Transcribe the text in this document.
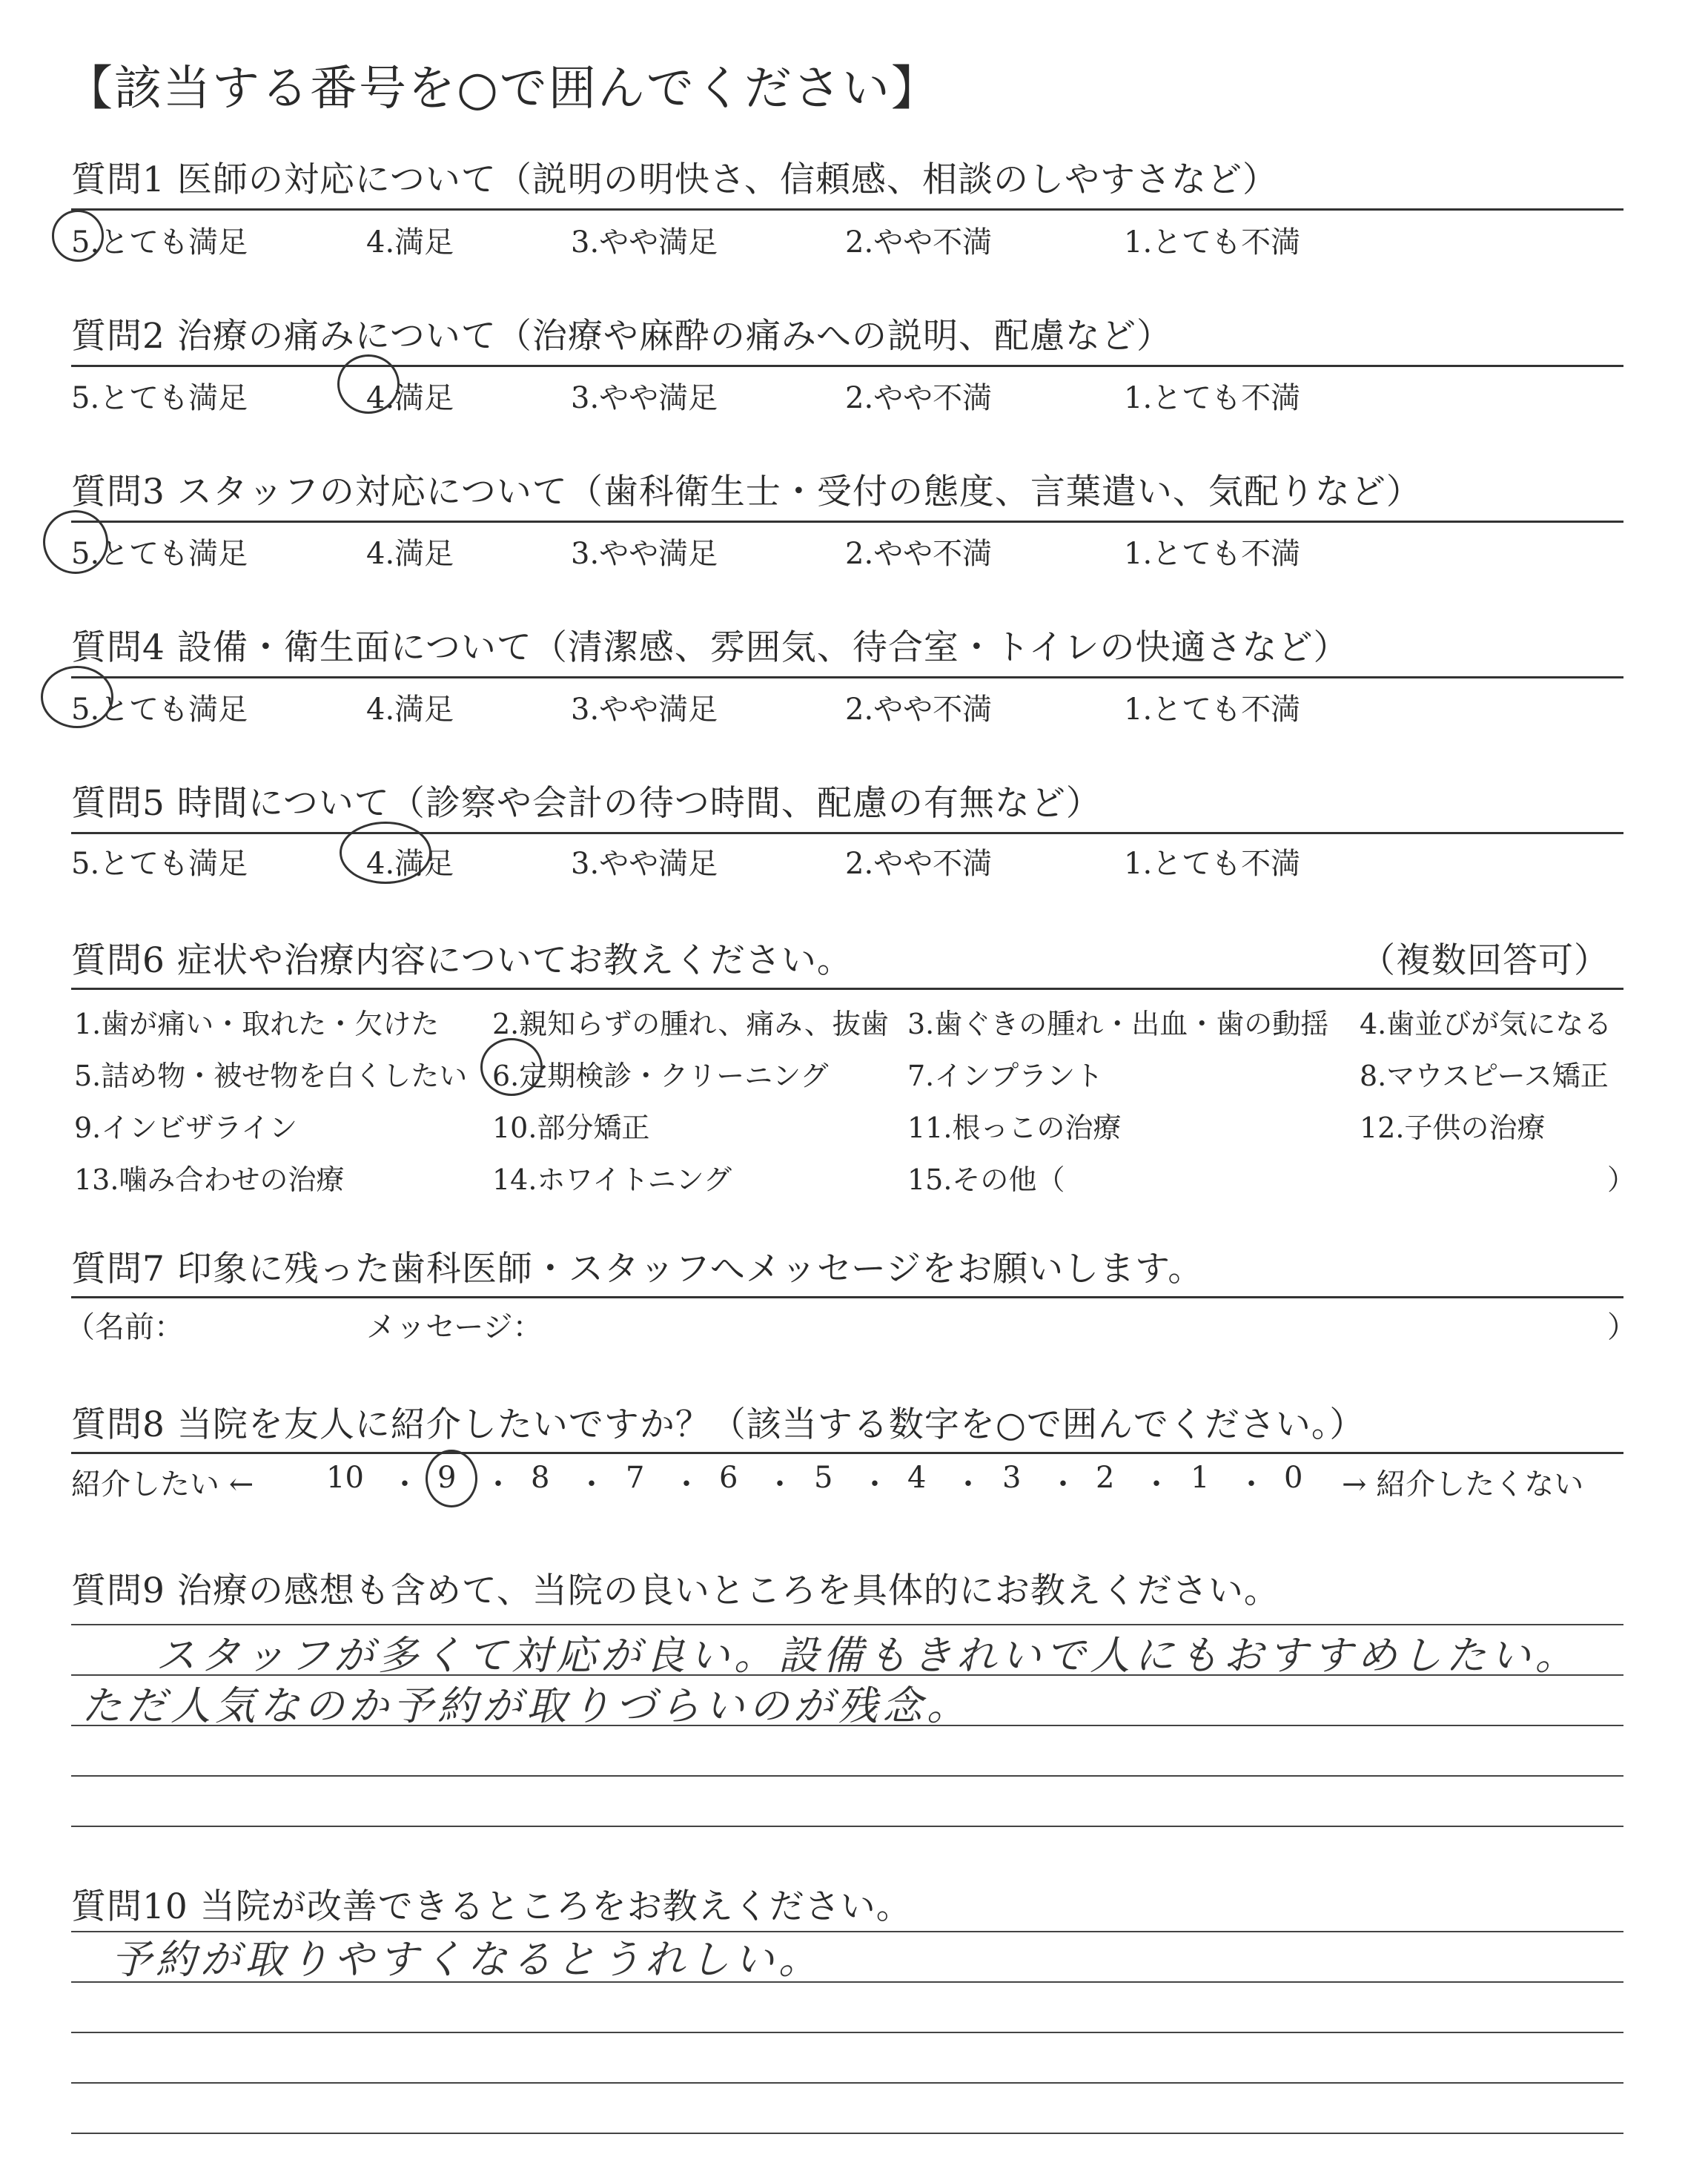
【該当する番号を○で囲んでください】
質問1 医師の対応について（説明の明快さ、信頼感、相談のしやすさなど）
5.とても満足	4.満足	3.やや満足	2.やや不満	1.とても不満
質問2 治療の痛みについて（治療や麻酔の痛みへの説明、配慮など）
5.とても満足	4.満足	3.やや満足	2.やや不満	1.とても不満
質問3 スタッフの対応について（歯科衛生士・受付の態度、言葉遣い、気配りなど）
5.とても満足	4.満足	3.やや満足	2.やや不満	1.とても不満
質問4 設備・衛生面について（清潔感、雰囲気、待合室・トイレの快適さなど）
5.とても満足	4.満足	3.やや満足	2.やや不満	1.とても不満
質問5 時間について（診察や会計の待つ時間、配慮の有無など）
5.とても満足	4.満足	3.やや満足	2.やや不満	1.とても不満
質問6 症状や治療内容についてお教えください。	（複数回答可）
1.歯が痛い・取れた・欠けた 2.親知らずの腫れ、痛み、抜歯 3.歯ぐきの腫れ・出血・歯の動揺 4.歯並びが気になる
5.詰め物・被せ物を白くしたい 6.定期検診・クリーニング	7.インプラント	8.マウスピース矯正
9.インビザライン	10.部分矯正	11.根っこの治療	12.子供の治療
13.噛み合わせの治療	14.ホワイトニング	15.その他（	）
質問7 印象に残った歯科医師・スタッフへメッセージをお願いします。
（名前：	メッセージ：	）
質問8 当院を友人に紹介したいですか？（該当する数字を○で囲んでください。）
紹介したい ←	→ 紹介したくない
10 ・ 9 ・ 8 ・ 7 ・ 6 ・ 5 ・ 4 ・ 3 ・ 2 ・ 1 ・ 0
質問9 治療の感想も含めて、当院の良いところを具体的にお教えください。
スタッフが多くて対応が良い。設備もきれいで人にもおすすめしたい。
ただ人気なのか予約が取りづらいのが残念。
質問10 当院が改善できるところをお教えください。
予約が取りやすくなるとうれしい。
